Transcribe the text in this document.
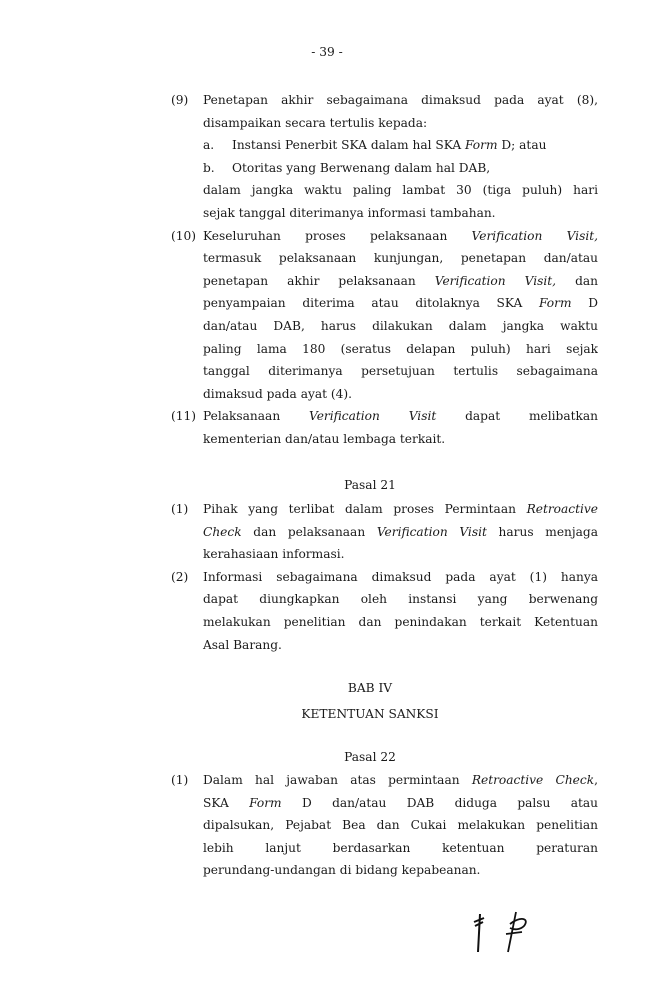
- 39 -
(9) Penetapan akhir sebagaimana dimaksud pada ayat (8),
disampaikan secara tertulis kepada:
a. Instansi Penerbit SKA dalam hal SKA Form D; atau
b. Otoritas yang Berwenang dalam hal DAB,
dalam jangka waktu paling lambat 30 (tiga puluh) hari
sejak tanggal diterimanya informasi tambahan.
(10) Keseluruhan proses pelaksanaan Verification Visit,
termasuk pelaksanaan kunjungan, penetapan dan/atau
penetapan akhir pelaksanaan Verification Visit, dan
penyampaian diterima atau ditolaknya SKA Form D
dan/atau DAB, harus dilakukan dalam jangka waktu
paling lama 180 (seratus delapan puluh) hari sejak
tanggal diterimanya persetujuan tertulis sebagaimana
dimaksud pada ayat (4).
(11) Pelaksanaan Verification Visit dapat melibatkan
kementerian dan/atau lembaga terkait.
Pasal 21
(1) Pihak yang terlibat dalam proses Permintaan Retroactive
Check dan pelaksanaan Verification Visit harus menjaga
kerahasiaan informasi.
(2) Informasi sebagaimana dimaksud pada ayat (1) hanya
dapat diungkapkan oleh instansi yang berwenang
melakukan penelitian dan penindakan terkait Ketentuan
Asal Barang.
BAB IV
KETENTUAN SANKSI
Pasal 22
(1) Dalam hal jawaban atas permintaan Retroactive Check,
SKA Form D dan/atau DAB diduga palsu atau
dipalsukan, Pejabat Bea dan Cukai melakukan penelitian
lebih lanjut berdasarkan ketentuan peraturan
perundang-undangan di bidang kepabeanan.
